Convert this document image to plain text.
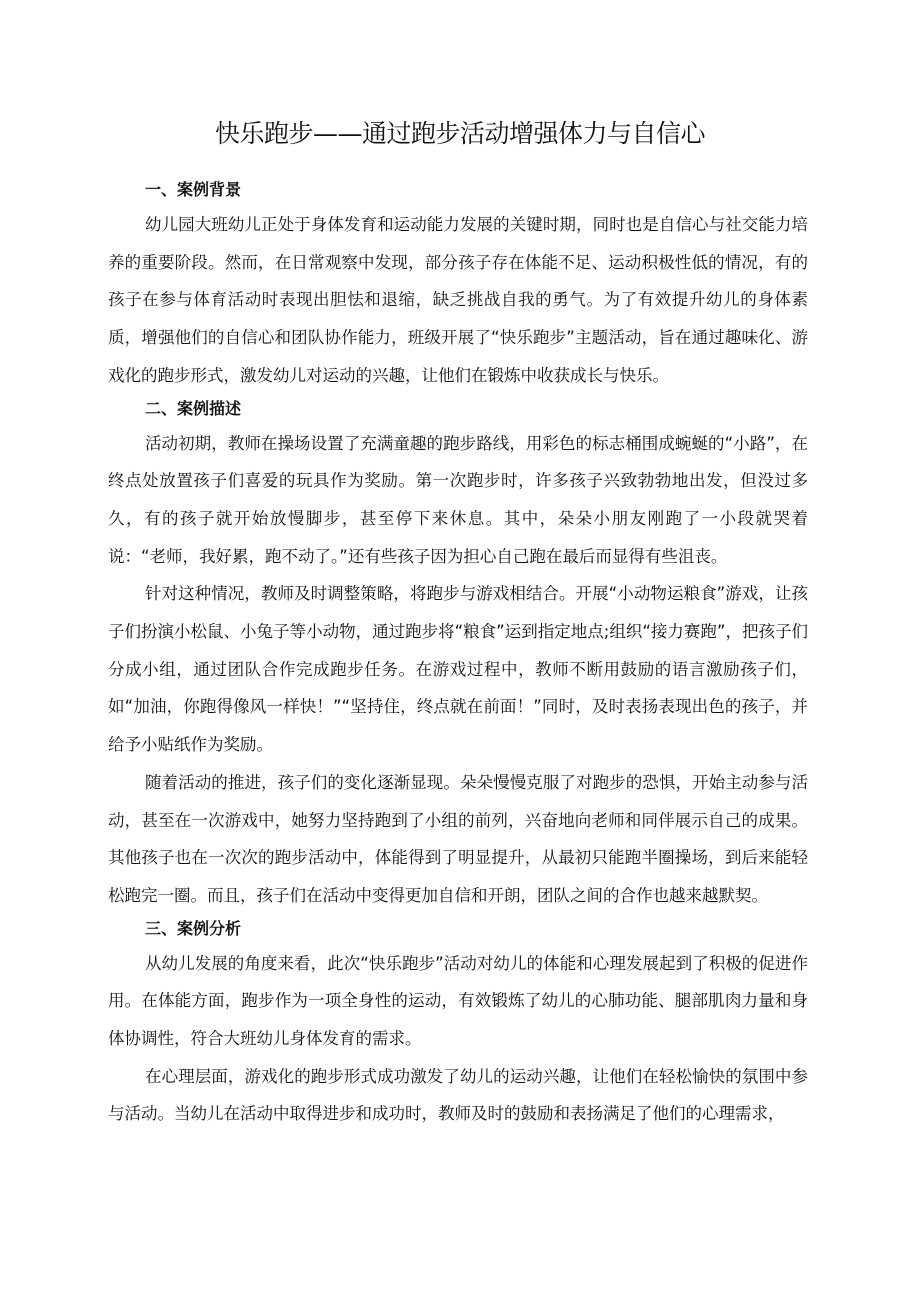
快乐跑步——通过跑步活动增强体力与自信心
一、案例背景

幼儿园大班幼儿正处于身体发育和运动能力发展的关键时期，同时也是自信心与社交能力培养的重要阶段。然而，在日常观察中发现，部分孩子存在体能不足、运动积极性低的情况，有的孩子在参与体育活动时表现出胆怯和退缩，缺乏挑战自我的勇气。为了有效提升幼儿的身体素质，增强他们的自信心和团队协作能力，班级开展了“快乐跑步”主题活动，旨在通过趣味化、游戏化的跑步形式，激发幼儿对运动的兴趣，让他们在锻炼中收获成长与快乐。

二、案例描述

活动初期，教师在操场设置了充满童趣的跑步路线，用彩色的标志桶围成蜿蜒的“小路”，在终点处放置孩子们喜爱的玩具作为奖励。第一次跑步时，许多孩子兴致勃勃地出发，但没过多久，有的孩子就开始放慢脚步，甚至停下来休息。其中，朵朵小朋友刚跑了一小段就哭着说：“老师，我好累，跑不动了。”还有些孩子因为担心自己跑在最后而显得有些沮丧。

针对这种情况，教师及时调整策略，将跑步与游戏相结合。开展“小动物运粮食”游戏，让孩子们扮演小松鼠、小兔子等小动物，通过跑步将“粮食”运到指定地点;组织“接力赛跑”，把孩子们分成小组，通过团队合作完成跑步任务。在游戏过程中，教师不断用鼓励的语言激励孩子们，如“加油，你跑得像风一样快！”“坚持住，终点就在前面！”同时，及时表扬表现出色的孩子，并给予小贴纸作为奖励。

随着活动的推进，孩子们的变化逐渐显现。朵朵慢慢克服了对跑步的恐惧，开始主动参与活动，甚至在一次游戏中，她努力坚持跑到了小组的前列，兴奋地向老师和同伴展示自己的成果。其他孩子也在一次次的跑步活动中，体能得到了明显提升，从最初只能跑半圈操场，到后来能轻松跑完一圈。而且，孩子们在活动中变得更加自信和开朗，团队之间的合作也越来越默契。

三、案例分析

从幼儿发展的角度来看，此次“快乐跑步”活动对幼儿的体能和心理发展起到了积极的促进作用。在体能方面，跑步作为一项全身性的运动，有效锻炼了幼儿的心肺功能、腿部肌肉力量和身体协调性，符合大班幼儿身体发育的需求。

在心理层面，游戏化的跑步形式成功激发了幼儿的运动兴趣，让他们在轻松愉快的氛围中参与活动。当幼儿在活动中取得进步和成功时，教师及时的鼓励和表扬满足了他们的心理需求，
